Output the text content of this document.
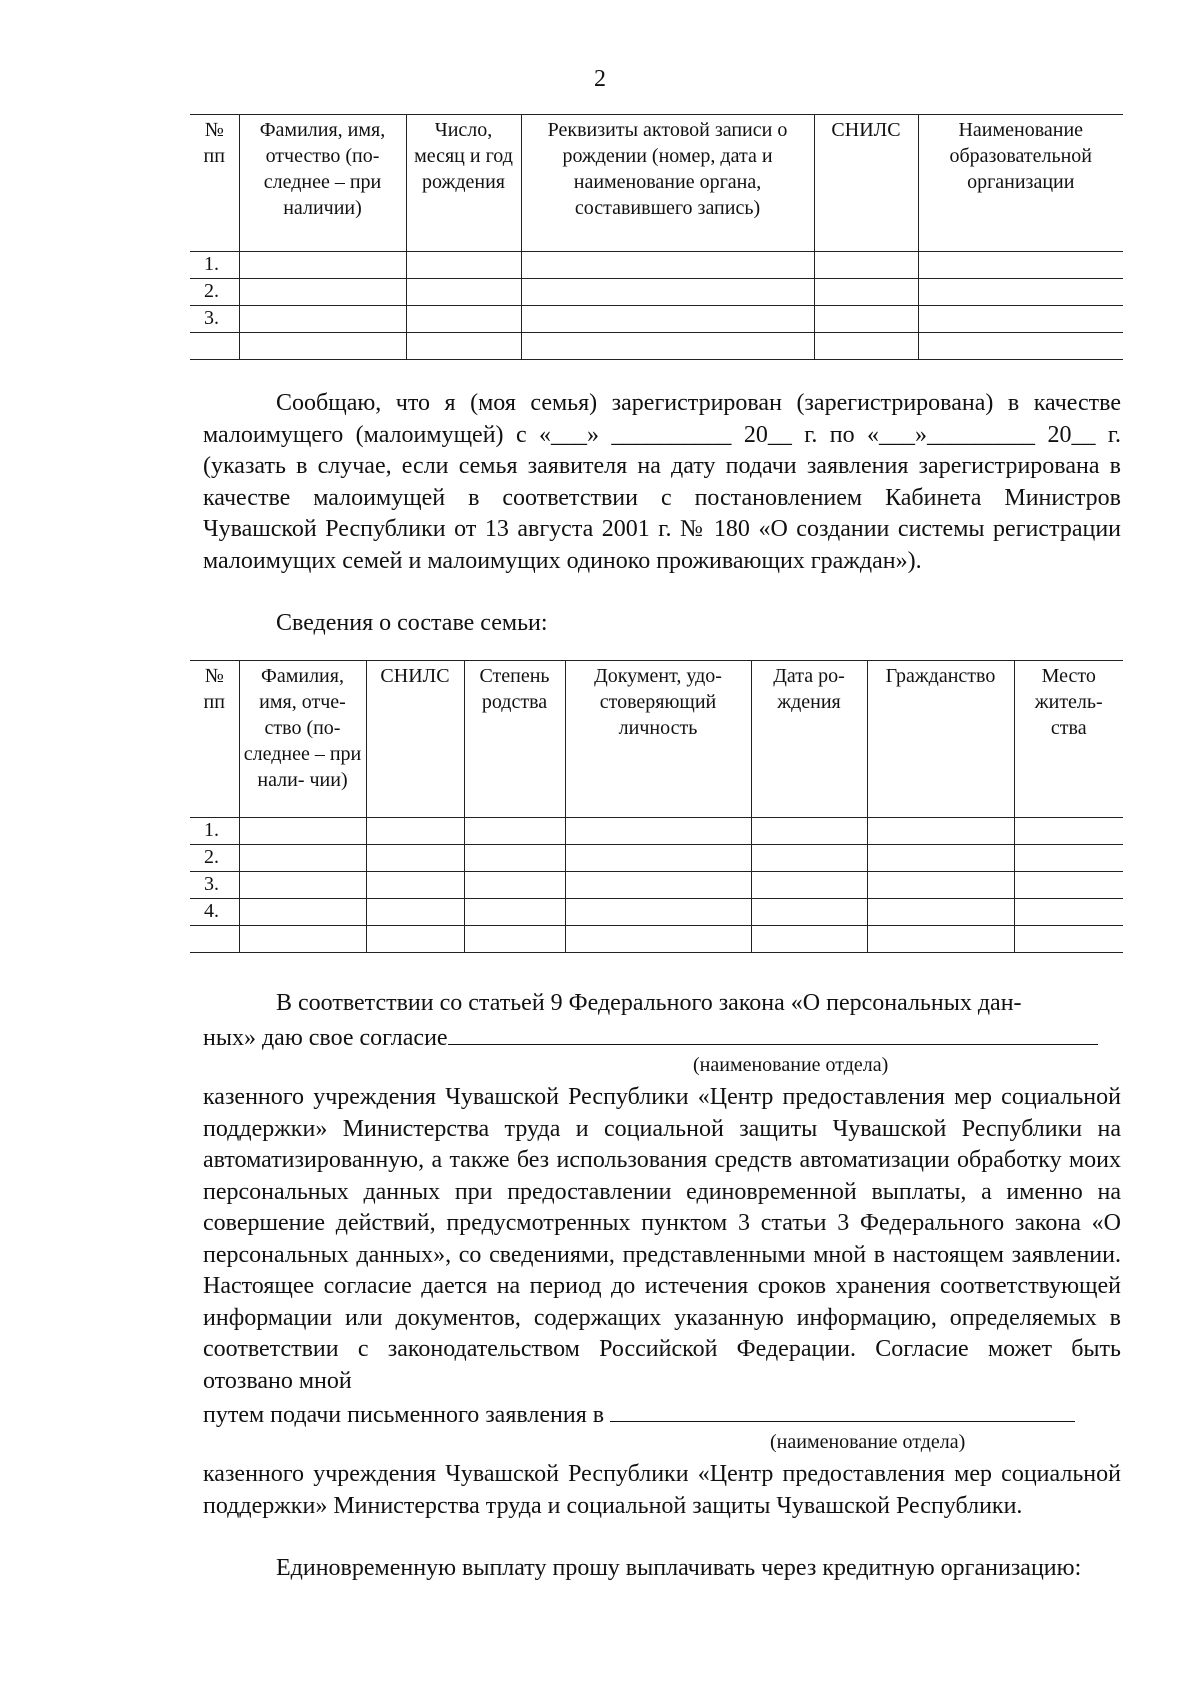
2
№ пп	Фамилия, имя, отчество (по- следнее – при наличии)	Число, месяц и год рождения	Реквизиты актовой записи о рождении (номер, дата и наименование органа, составившего запись)	СНИЛС	Наименование образовательной организации
1.					
2.					
3.					

Сообщаю, что я (моя семья) зарегистрирован (зарегистрирована) в качестве малоимущего (малоимущей) с «___» __________ 20__ г. по «___»_________ 20__ г. (указать в случае, если семья заявителя на дату подачи заявления зарегистрирована в качестве малоимущей в соответствии с постановлением Кабинета Министров Чувашской Республики от 13 августа 2001 г. № 180 «О создании системы регистрации малоимущих семей и малоимущих одиноко проживающих граждан»).

Сведения о составе семьи:

№ пп	Фамилия, имя, отче- ство (по- следнее – при нали- чии)	СНИЛС	Степень родства	Документ, удо- стоверяющий личность	Дата ро- ждения	Гражданство	Место житель- ства
1.							
2.							
3.							
4.							

В соответствии со статьей 9 Федерального закона «О персональных дан-

ных» даю свое согласие
(наименование отдела)

казенного учреждения Чувашской Республики «Центр предоставления мер социальной поддержки» Министерства труда и социальной защиты Чувашской Республики на автоматизированную, а также без использования средств автоматизации обработку моих персональных данных при предоставлении единовременной выплаты, а именно на совершение действий, предусмотренных пунктом 3 статьи 3 Федерального закона «О персональных данных», со сведениями, представленными мной в настоящем заявлении. Настоящее согласие дается на период до истечения сроков хранения соответствующей информации или документов, содержащих указанную информацию, определяемых в соответствии с законодательством Российской Федерации. Согласие может быть отозвано мной

путем подачи письменного заявления в
(наименование отдела)

казенного учреждения Чувашской Республики «Центр предоставления мер социальной поддержки» Министерства труда и социальной защиты Чувашской Республики.

Единовременную выплату прошу выплачивать через кредитную организацию:
